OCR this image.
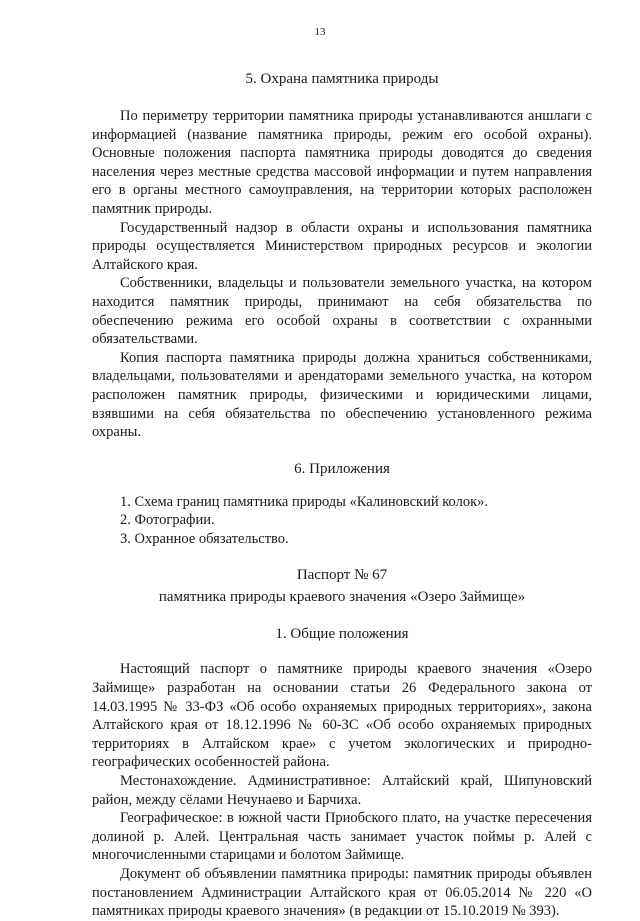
13
5. Охрана памятника природы

По периметру территории памятника природы устанавливаются аншлаги с информацией (название памятника природы, режим его особой охраны). Основные положения паспорта памятника природы доводятся до сведения населения через местные средства массовой информации и путем направления его в органы местного самоуправления, на территории которых расположен памятник природы.

Государственный надзор в области охраны и использования памятника природы осуществляется Министерством природных ресурсов и экологии Алтайского края.

Собственники, владельцы и пользователи земельного участка, на котором находится памятник природы, принимают на себя обязательства по обеспечению режима его особой охраны в соответствии с охранными обязательствами.

Копия паспорта памятника природы должна храниться собственниками, владельцами, пользователями и арендаторами земельного участка, на котором расположен памятник природы, физическими и юридическими лицами, взявшими на себя обязательства по обеспечению установленного режима охраны.

6. Приложения

1. Схема границ памятника природы «Калиновский колок».

2. Фотографии.

3. Охранное обязательство.

Паспорт № 67
памятника природы краевого значения «Озеро Займище»
1. Общие положения

Настоящий паспорт о памятнике природы краевого значения «Озеро Займище» разработан на основании статьи 26 Федерального закона от 14.03.1995 № 33-ФЗ «Об особо охраняемых природных территориях», закона Алтайского края от 18.12.1996 № 60-ЗС «Об особо охраняемых природных территориях в Алтайском крае» с учетом экологических и природно-географических особенностей района.

Местонахождение. Административное: Алтайский край, Шипуновский район, между сёлами Нечунаево и Барчиха.

Географическое: в южной части Приобского плато, на участке пересечения долиной р. Алей. Центральная часть занимает участок поймы р. Алей с многочисленными старицами и болотом Займище.

Документ об объявлении памятника природы: памятник природы объявлен постановлением Администрации Алтайского края от 06.05.2014 № 220 «О памятниках природы краевого значения» (в редакции от 15.10.2019 № 393).
